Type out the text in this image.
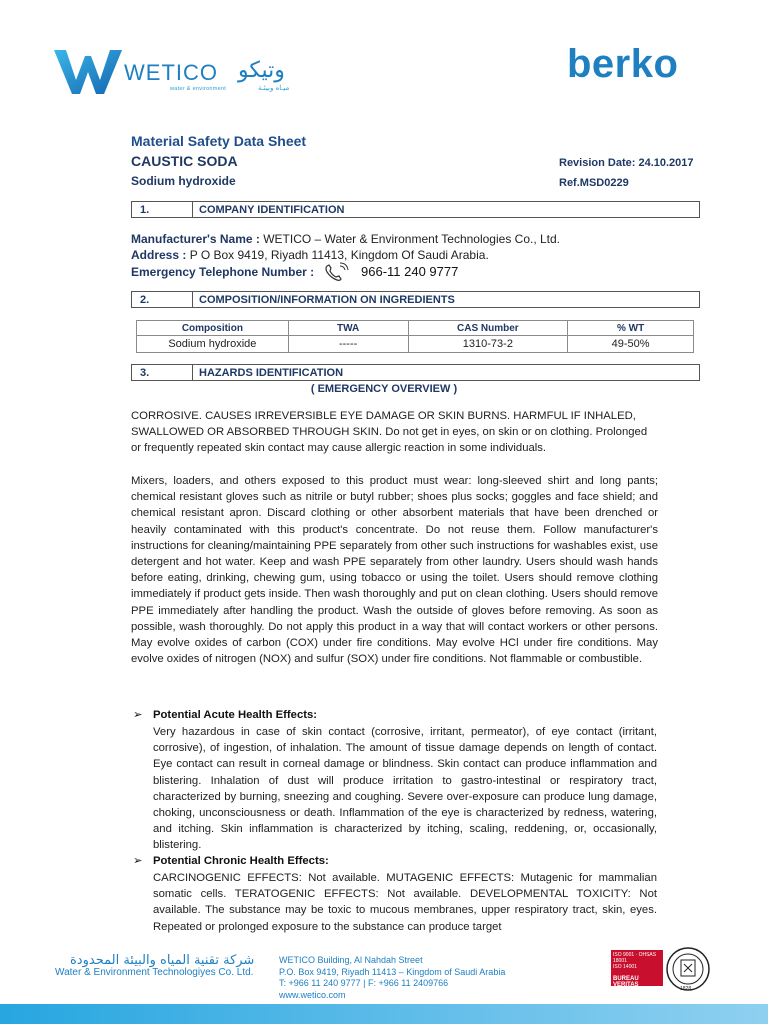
WETICO وتيكو
water & environment	ميـاه وبيئـة
berko
Material Safety Data Sheet
CAUSTIC SODA
Sodium hydroxide
Revision Date: 24.10.2017
Ref.MSD0229
1.	COMPANY IDENTIFICATION
Manufacturer's Name : WETICO – Water & Environment Technologies Co., Ltd.
Address : P O Box 9419, Riyadh 11413, Kingdom Of Saudi Arabia.
Emergency Telephone Number :	966-11 240 9777
2.	COMPOSITION/INFORMATION ON INGREDIENTS
Composition	TWA	CAS Number	% WT
Sodium hydroxide	-----	1310-73-2	49-50%
3.	HAZARDS IDENTIFICATION
( EMERGENCY OVERVIEW )

CORROSIVE. CAUSES IRREVERSIBLE EYE DAMAGE OR SKIN BURNS. HARMFUL IF INHALED, SWALLOWED OR ABSORBED THROUGH SKIN. Do not get in eyes, on skin or on clothing. Prolonged or frequently repeated skin contact may cause allergic reaction in some individuals.

Mixers, loaders, and others exposed to this product must wear: long-sleeved shirt and long pants; chemical resistant gloves such as nitrile or butyl rubber; shoes plus socks; goggles and face shield; and chemical resistant apron. Discard clothing or other absorbent materials that have been drenched or heavily contaminated with this product's concentrate. Do not reuse them. Follow manufacturer's instructions for cleaning/maintaining PPE separately from other such instructions for washables exist, use detergent and hot water. Keep and wash PPE separately from other laundry. Users should wash hands before eating, drinking, chewing gum, using tobacco or using the toilet. Users should remove clothing immediately if product gets inside. Then wash thoroughly and put on clean clothing. Users should remove PPE immediately after handling the product. Wash the outside of gloves before removing. As soon as possible, wash thoroughly. Do not apply this product in a way that will contact workers or other persons. May evolve oxides of carbon (COX) under fire conditions. May evolve HCl under fire conditions. May evolve oxides of nitrogen (NOX) and sulfur (SOX) under fire conditions. Not flammable or combustible.

➢ Potential Acute Health Effects:

Very hazardous in case of skin contact (corrosive, irritant, permeator), of eye contact (irritant, corrosive), of ingestion, of inhalation. The amount of tissue damage depends on length of contact. Eye contact can result in corneal damage or blindness. Skin contact can produce inflammation and blistering. Inhalation of dust will produce irritation to gastro-intestinal or respiratory tract, characterized by burning, sneezing and coughing. Severe over-exposure can produce lung damage, choking, unconsciousness or death. Inflammation of the eye is characterized by redness, watering, and itching. Skin inflammation is characterized by itching, scaling, reddening, or, occasionally, blistering.

➢ Potential Chronic Health Effects:

CARCINOGENIC EFFECTS: Not available. MUTAGENIC EFFECTS: Mutagenic for mammalian somatic cells. TERATOGENIC EFFECTS: Not available. DEVELOPMENTAL TOXICITY: Not available. The substance may be toxic to mucous membranes, upper respiratory tract, skin, eyes. Repeated or prolonged exposure to the substance can produce target

شركة تقنية المياه والبيئة المحدودة
Water & Environment Technologiyes Co. Ltd.
WETICO Building, Al Nahdah Street
P.O. Box 9419, Riyadh 11413 – Kingdom of Saudi Arabia
T: +966 11 240 9777 | F: +966 11 2409766
www.wetico.com
ISO 9001 · OHSAS 18001
ISO 14001
BUREAU VERITAS
Certification	1828
